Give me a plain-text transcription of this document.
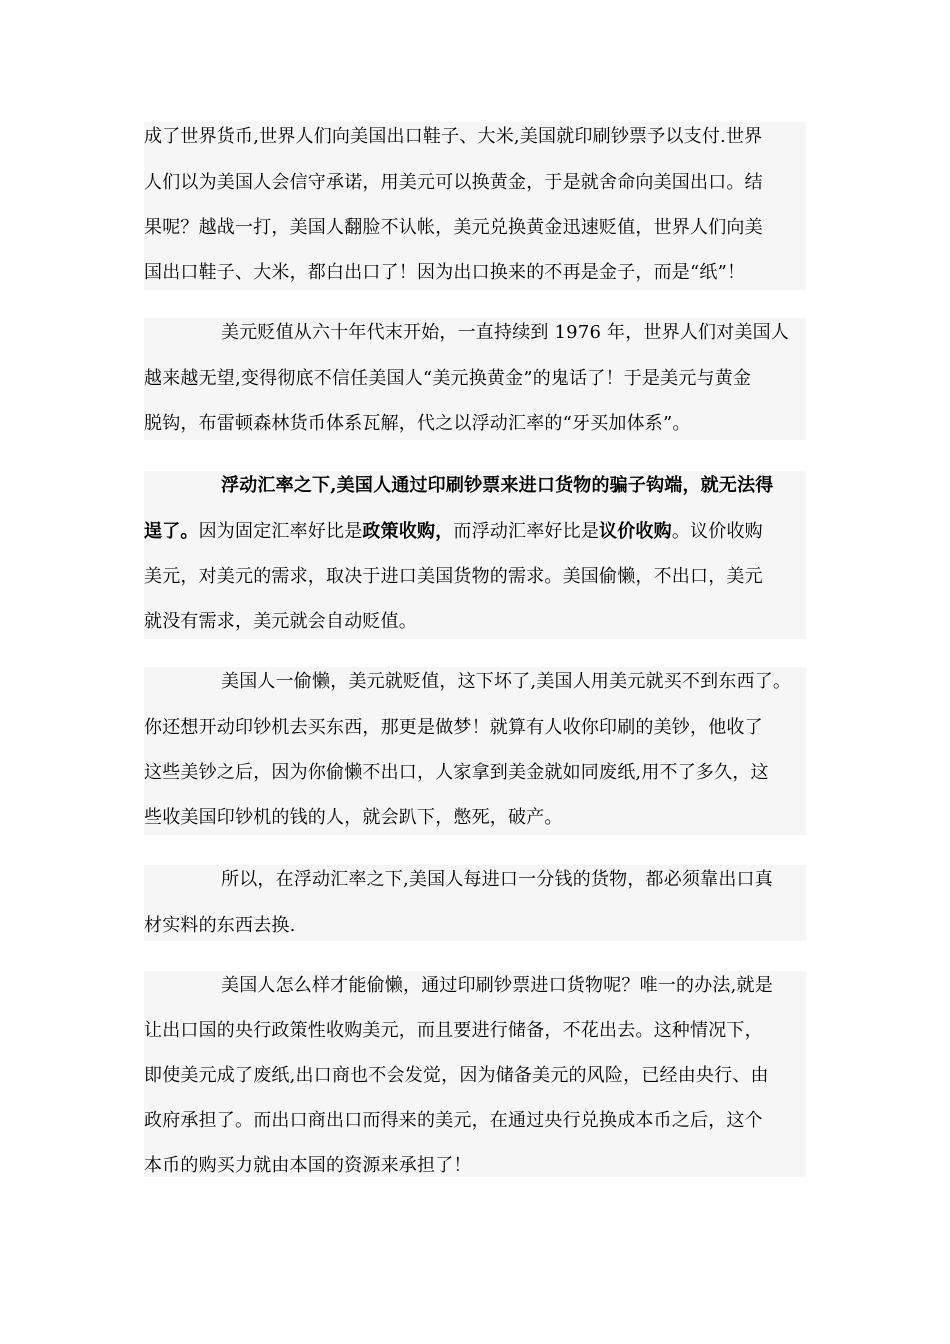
成了世界货币,世界人们向美国出口鞋子、大米,美国就印刷钞票予以支付.世界
人们以为美国人会信守承诺，用美元可以换黄金，于是就舍命向美国出口。结
果呢？越战一打，美国人翻脸不认帐，美元兑换黄金迅速贬值，世界人们向美
国出口鞋子、大米，都白出口了！因为出口换来的不再是金子，而是“纸”！
美元贬值从六十年代末开始，一直持续到 1976 年，世界人们对美国人
越来越无望,变得彻底不信任美国人“美元换黄金”的鬼话了！于是美元与黄金
脱钩，布雷顿森林货币体系瓦解，代之以浮动汇率的“牙买加体系”。
浮动汇率之下,美国人通过印刷钞票来进口货物的骗子钩端，就无法得
逞了。因为固定汇率好比是政策收购，而浮动汇率好比是议价收购。议价收购
美元，对美元的需求，取决于进口美国货物的需求。美国偷懒，不出口，美元
就没有需求，美元就会自动贬值。
美国人一偷懒，美元就贬值，这下坏了,美国人用美元就买不到东西了。
你还想开动印钞机去买东西，那更是做梦！就算有人收你印刷的美钞，他收了
这些美钞之后，因为你偷懒不出口，人家拿到美金就如同废纸,用不了多久，这
些收美国印钞机的钱的人，就会趴下，憋死，破产。
所以，在浮动汇率之下,美国人每进口一分钱的货物，都必须靠出口真
材实料的东西去换.
美国人怎么样才能偷懒，通过印刷钞票进口货物呢？唯一的办法,就是
让出口国的央行政策性收购美元，而且要进行储备，不花出去。这种情况下，
即使美元成了废纸,出口商也不会发觉，因为储备美元的风险，已经由央行、由
政府承担了。而出口商出口而得来的美元，在通过央行兑换成本币之后，这个
本币的购买力就由本国的资源来承担了！
